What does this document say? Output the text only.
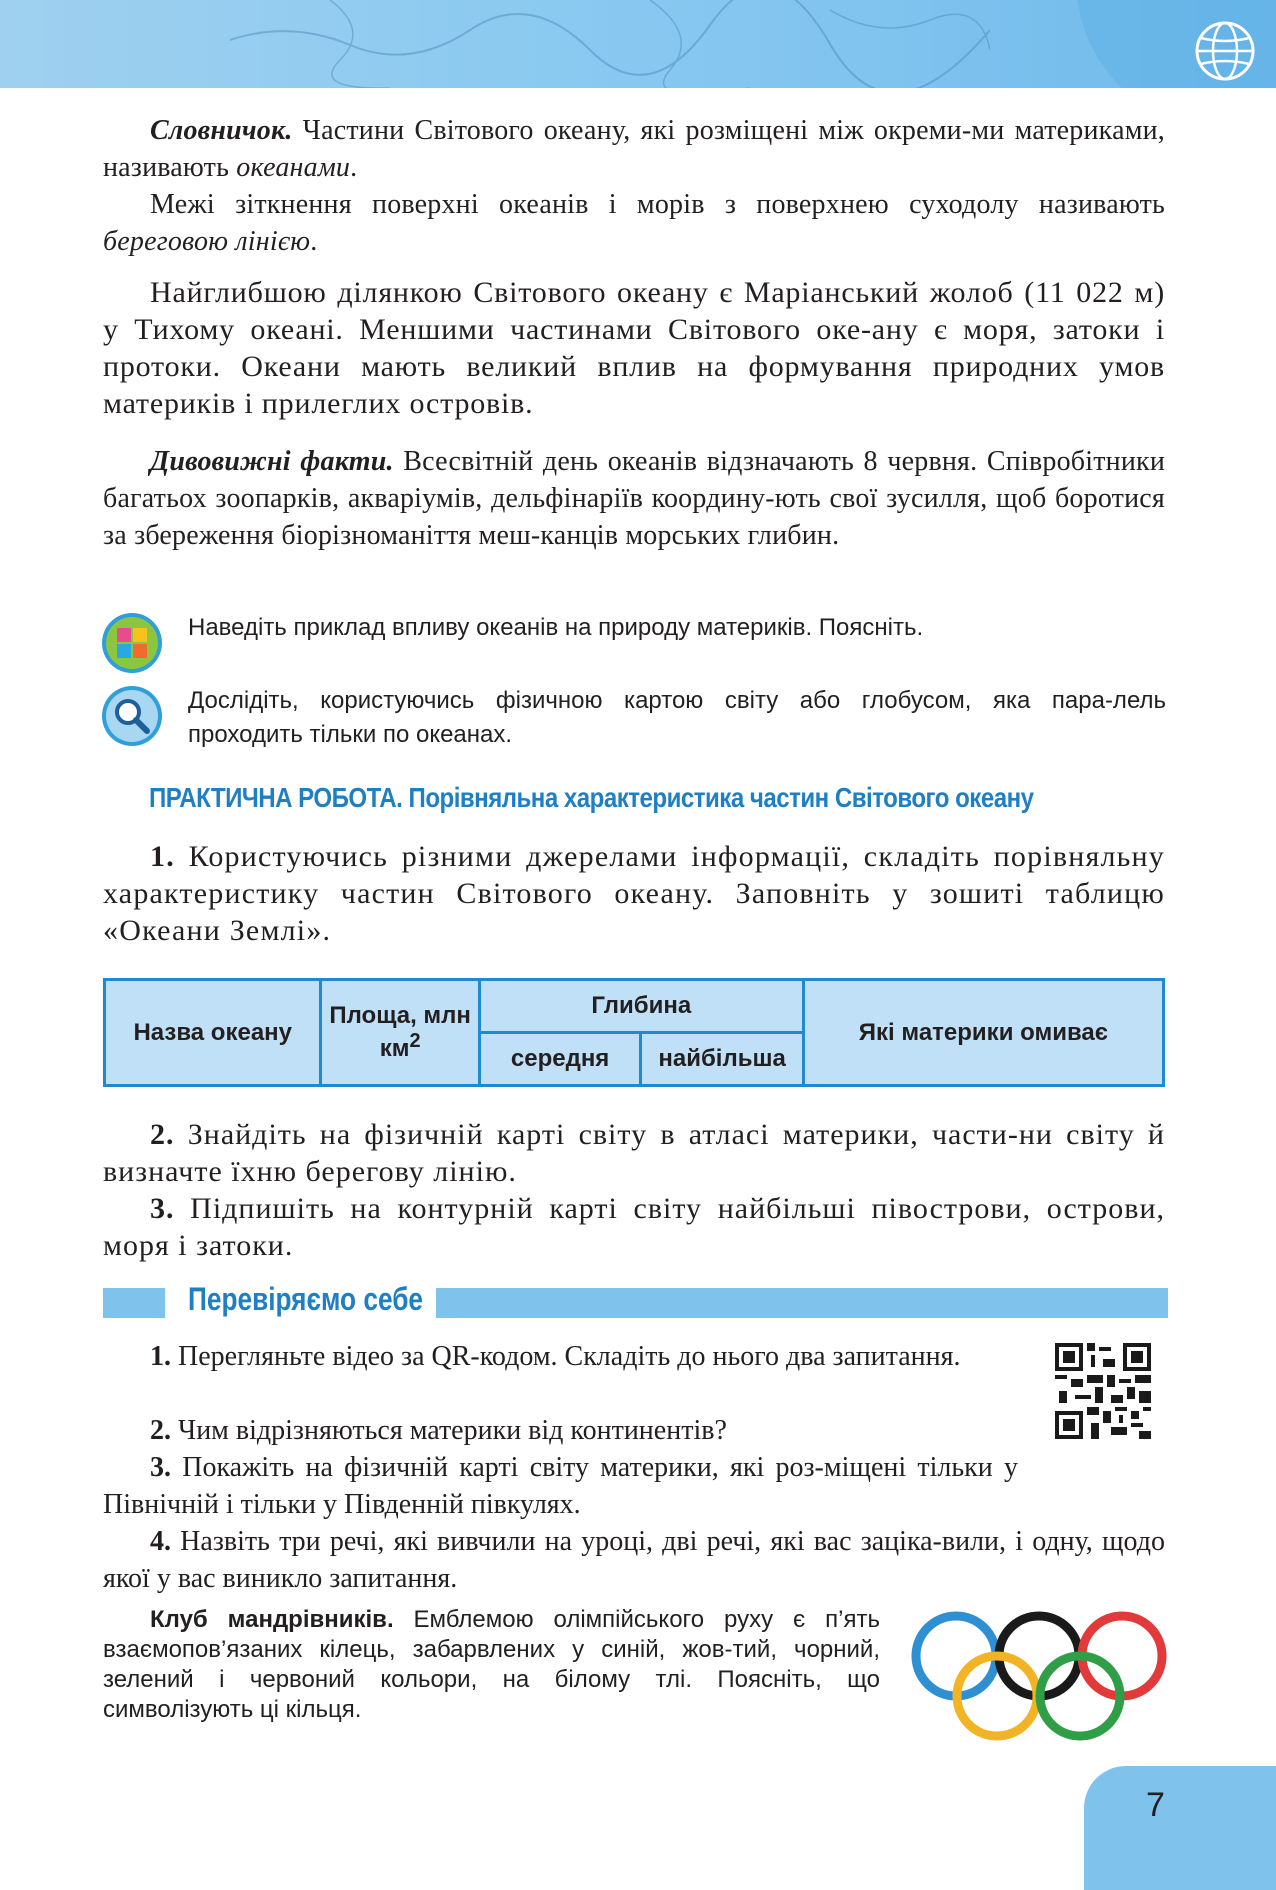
Словничок. Частини Світового океану, які розміщені між окреми-ми материками, називають океанами.

Межі зіткнення поверхні океанів і морів з поверхнею суходолу називають береговою лінією.

Найглибшою ділянкою Світового океану є Маріанський жолоб (11 022 м) у Тихому океані. Меншими частинами Світового оке-ану є моря, затоки і протоки. Океани мають великий вплив на формування природних умов материків і прилеглих островів.

Дивовижні факти. Всесвітній день океанів відзначають 8 червня. Співробітники багатьох зоопарків, акваріумів, дельфінаріїв координу-ють свої зусилля, щоб боротися за збереження біорізноманіття меш-канців морських глибин.

Наведіть приклад впливу океанів на природу материків. Поясніть.
Дослідіть, користуючись фізичною картою світу або глобусом, яка пара-лель проходить тільки по океанах.
ПРАКТИЧНА РОБОТА. Порівняльна характеристика частин Світового океану

1. Користуючись різними джерелами інформації, складіть порівняльну характеристику частин Світового океану. Заповніть у зошиті таблицю «Океани Землі».

Назва океану	Площа, млн $км^2$	Глибина		Які материки омиває
		середня	найбільша	

2. Знайдіть на фізичній карті світу в атласі материки, части-ни світу й визначте їхню берегову лінію.

3. Підпишіть на контурній карті світу найбільші півострови, острови, моря і затоки.

Перевіряємо себе

1. Перегляньте відео за QR-кодом. Складіть до нього два запитання.

2. Чим відрізняються материки від континентів?

3. Покажіть на фізичній карті світу материки, які роз-міщені тільки у Північній і тільки у Південній півкулях.

4. Назвіть три речі, які вивчили на уроці, дві речі, які вас заціка-вили, і одну, щодо якої у вас виникло запитання.

Клуб мандрівників. Емблемою олімпійського руху є п’ять взаємопов’язаних кілець, забарвлених у синій, жов-тий, чорний, зелений і червоний кольори, на білому тлі. Поясніть, що символізують ці кільця.

7
